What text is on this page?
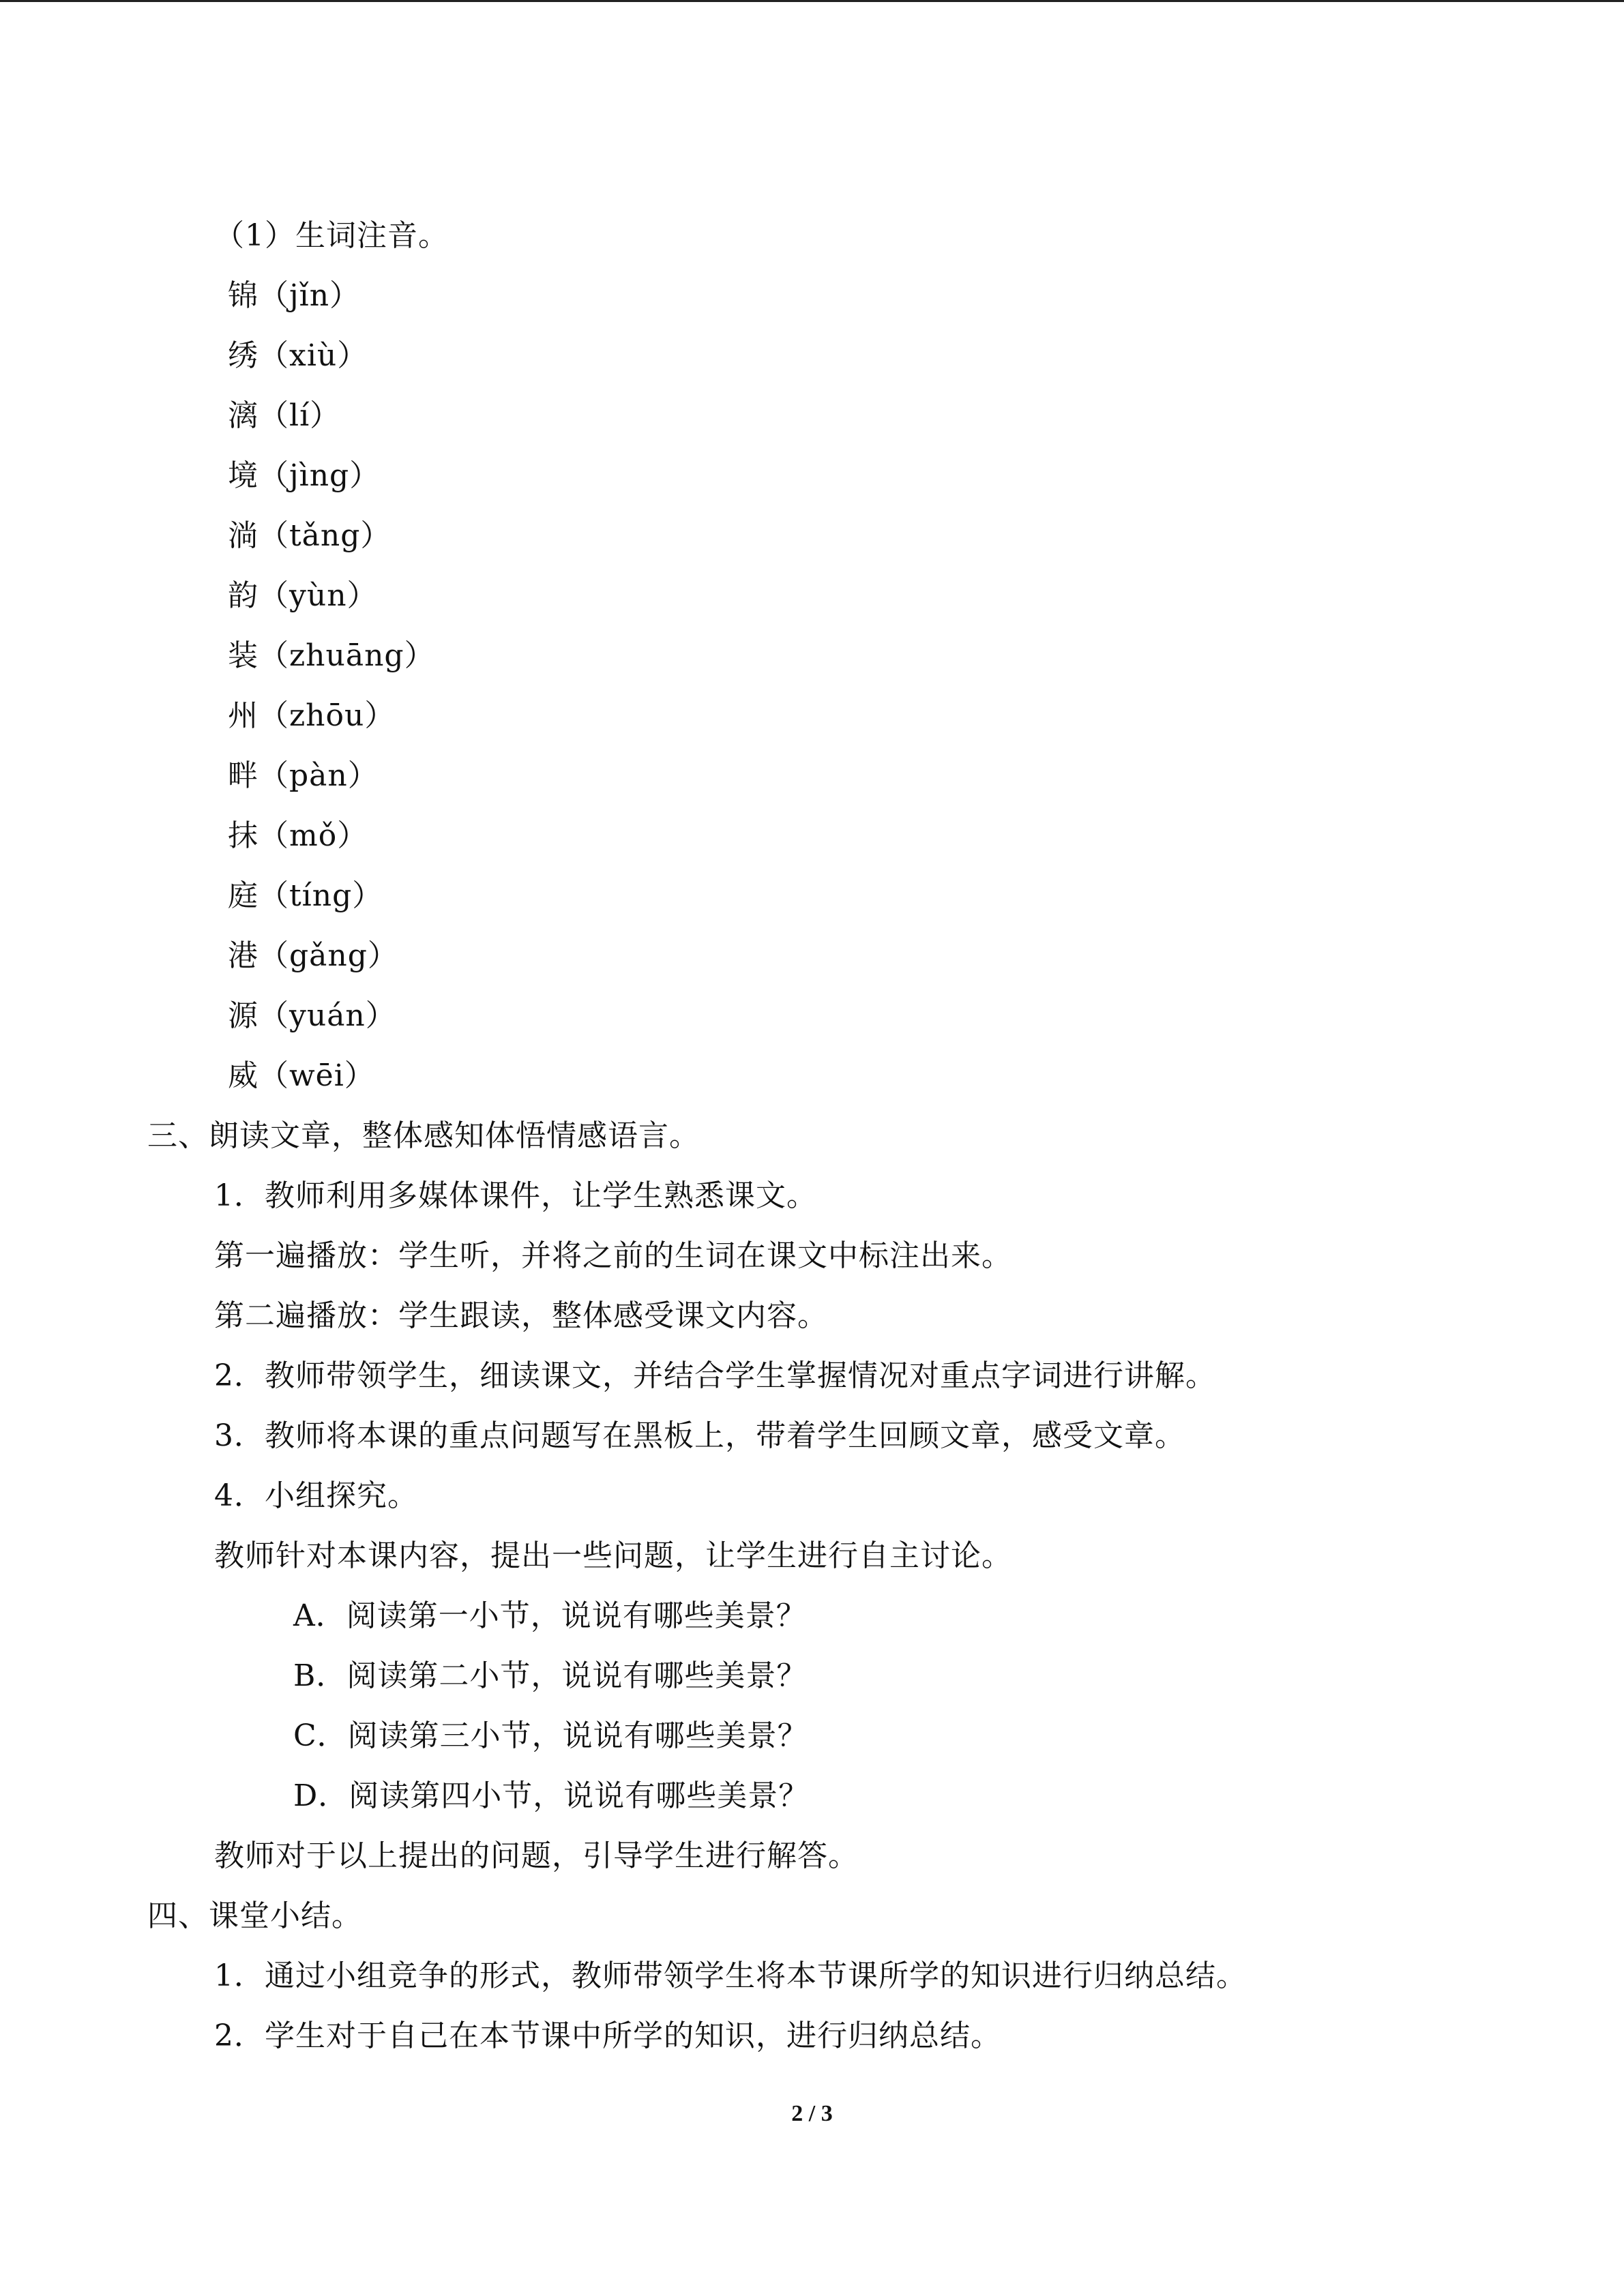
（1）生词注音。
锦（jǐn）
绣（xiù）
漓（lí）
境（jìng）
淌（tǎng）
韵（yùn）
装（zhuāng）
州（zhōu）
畔（pàn）
抹（mǒ）
庭（tíng）
港（gǎng）
源（yuán）
威（wēi）
三、朗读文章，整体感知体悟情感语言。
1．教师利用多媒体课件，让学生熟悉课文。
第一遍播放：学生听，并将之前的生词在课文中标注出来。
第二遍播放：学生跟读，整体感受课文内容。
2．教师带领学生，细读课文，并结合学生掌握情况对重点字词进行讲解。
3．教师将本课的重点问题写在黑板上，带着学生回顾文章，感受文章。
4．小组探究。
教师针对本课内容，提出一些问题，让学生进行自主讨论。
A．阅读第一小节，说说有哪些美景？
B．阅读第二小节，说说有哪些美景？
C．阅读第三小节，说说有哪些美景？
D．阅读第四小节，说说有哪些美景？
教师对于以上提出的问题，引导学生进行解答。
四、课堂小结。
1．通过小组竞争的形式，教师带领学生将本节课所学的知识进行归纳总结。
2．学生对于自己在本节课中所学的知识，进行归纳总结。
2 / 3
